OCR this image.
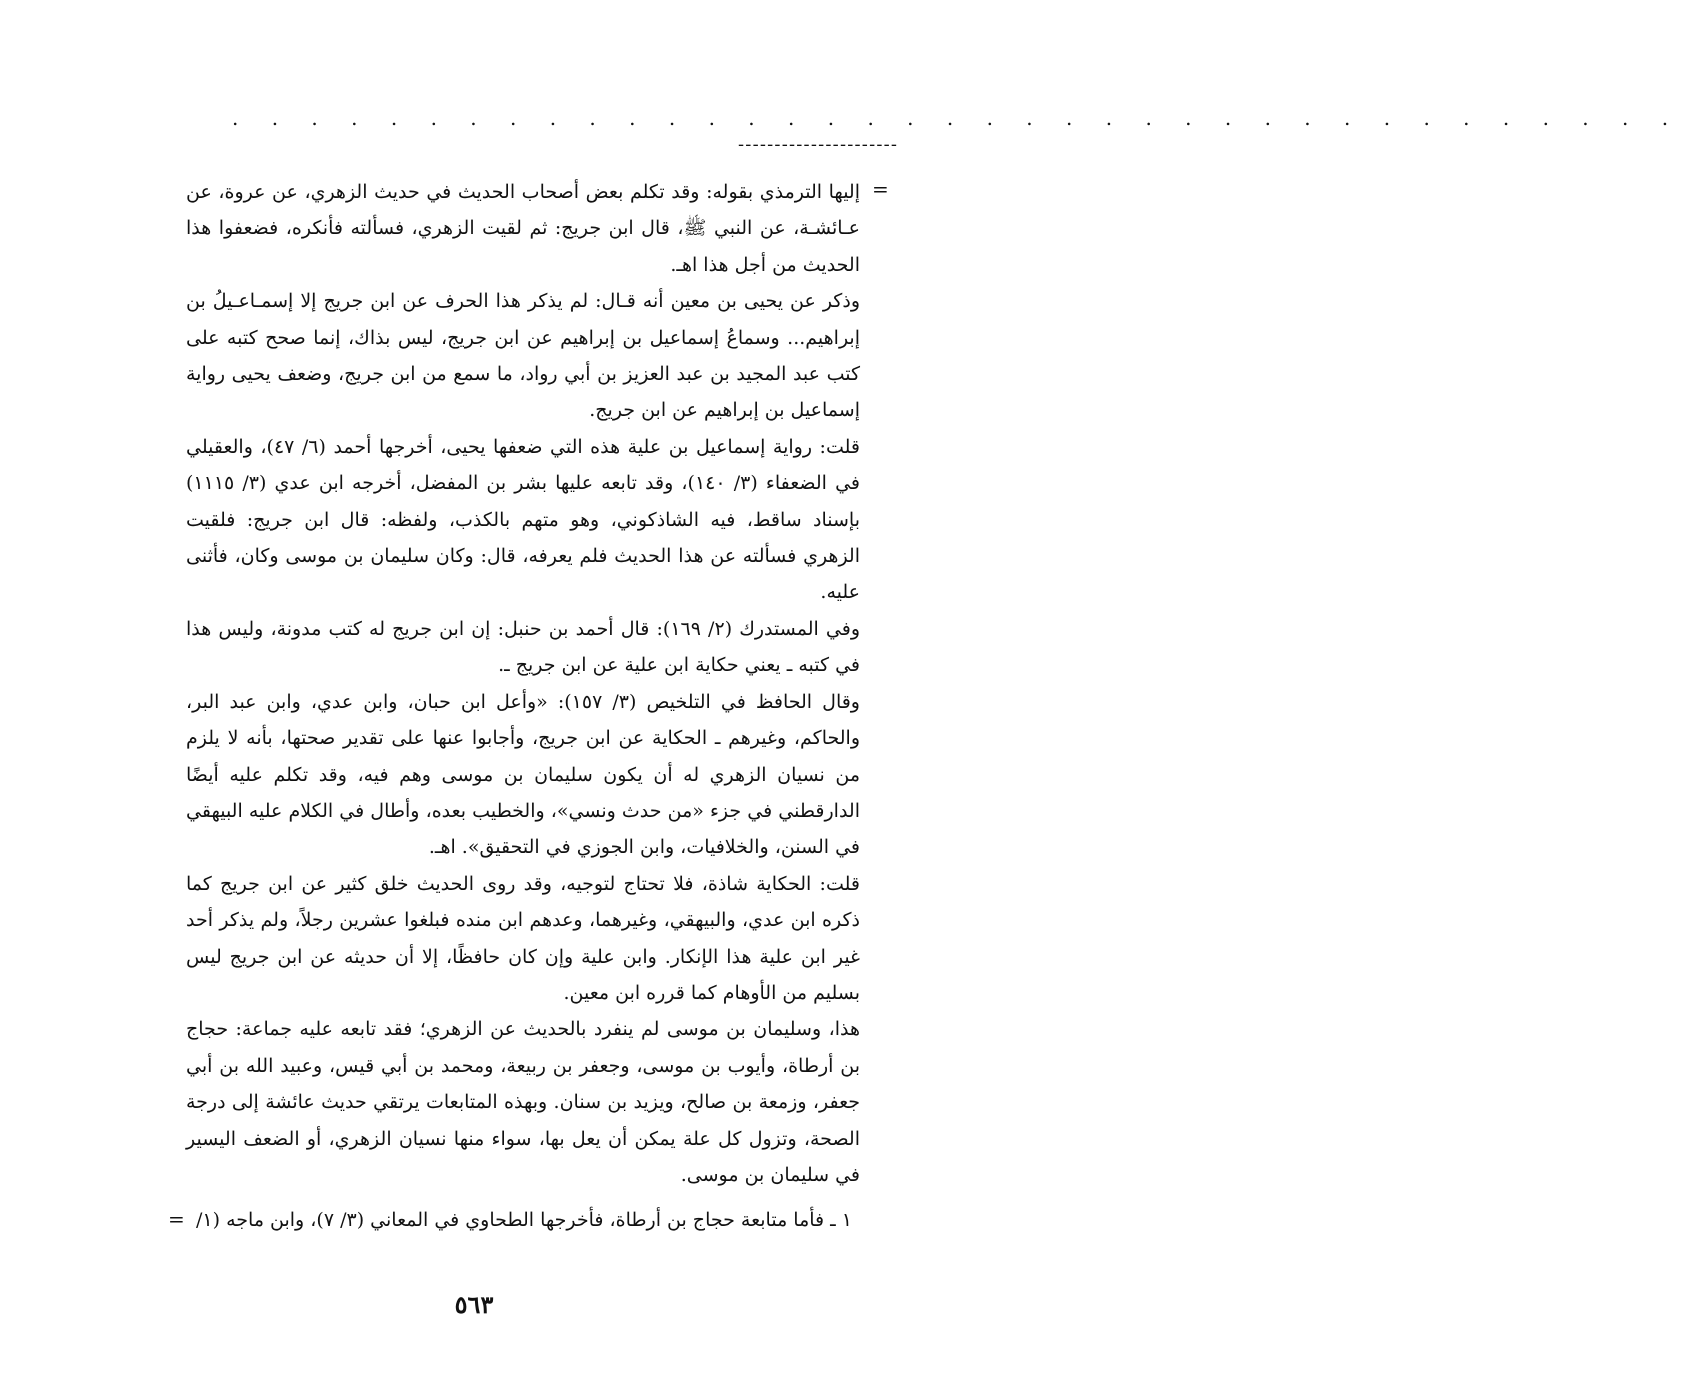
. . . . . . . . . . . . . . . . . . . . . . . . . . . . . . . . . . . . .
----------------------
=

إليها الترمذي بقوله: وقد تكلم بعض أصحاب الحديث في حديث الزهري، عن عروة، عن عـائشـة، عن النبي ﷺ، قال ابن جريج: ثم لقيت الزهري، فسألته فأنكره، فضعفوا هذا الحديث من أجل هذا اهـ.

وذكر عن يحيى بن معين أنه قـال: لم يذكر هذا الحرف عن ابن جريج إلا إسمـاعـيلُ بن إبراهيم... وسماعُ إسماعيل بن إبراهيم عن ابن جريج، ليس بذاك، إنما صحح كتبه على كتب عبد المجيد بن عبد العزيز بن أبي رواد، ما سمع من ابن جريج، وضعف يحيى رواية إسماعيل بن إبراهيم عن ابن جريج.

قلت: رواية إسماعيل بن علية هذه التي ضعفها يحيى، أخرجها أحمد (٦/ ٤٧)، والعقيلي في الضعفاء (٣/ ١٤٠)، وقد تابعه عليها بشر بن المفضل، أخرجه ابن عدي (٣/ ١١١٥) بإسناد ساقط، فيه الشاذكوني، وهو متهم بالكذب، ولفظه: قال ابن جريج: فلقيت الزهري فسألته عن هذا الحديث فلم يعرفه، قال: وكان سليمان بن موسى وكان، فأثنى عليه.

وفي المستدرك (٢/ ١٦٩): قال أحمد بن حنبل: إن ابن جريج له كتب مدونة، وليس هذا في كتبه ـ يعني حكاية ابن علية عن ابن جريج ـ.

وقال الحافظ في التلخيص (٣/ ١٥٧): «وأعل ابن حبان، وابن عدي، وابن عبد البر، والحاكم، وغيرهم ـ الحكاية عن ابن جريج، وأجابوا عنها على تقدير صحتها، بأنه لا يلزم من نسيان الزهري له أن يكون سليمان بن موسى وهم فيه، وقد تكلم عليه أيضًا الدارقطني في جزء «من حدث ونسي»، والخطيب بعده، وأطال في الكلام عليه البيهقي في السنن، والخلافيات، وابن الجوزي في التحقيق». اهـ.

قلت: الحكاية شاذة، فلا تحتاج لتوجيه، وقد روى الحديث خلق كثير عن ابن جريج كما ذكره ابن عدي، والبيهقي، وغيرهما، وعدهم ابن منده فبلغوا عشرين رجلاً، ولم يذكر أحد غير ابن علية هذا الإنكار. وابن علية وإن كان حافظًا، إلا أن حديثه عن ابن جريج ليس بسليم من الأوهام كما قرره ابن معين.

هذا، وسليمان بن موسى لم ينفرد بالحديث عن الزهري؛ فقد تابعه عليه جماعة: حجاج بن أرطاة، وأيوب بن موسى، وجعفر بن ربيعة، ومحمد بن أبي قيس، وعبيد الله بن أبي جعفر، وزمعة بن صالح، ويزيد بن سنان. وبهذه المتابعات يرتقي حديث عائشة إلى درجة الصحة، وتزول كل علة يمكن أن يعل بها، سواء منها نسيان الزهري، أو الضعف اليسير في سليمان بن موسى.

١ ـ فأما متابعة حجاج بن أرطاة، فأخرجها الطحاوي في المعاني (٣/ ٧)، وابن ماجه (١/
=
٥٦٣
